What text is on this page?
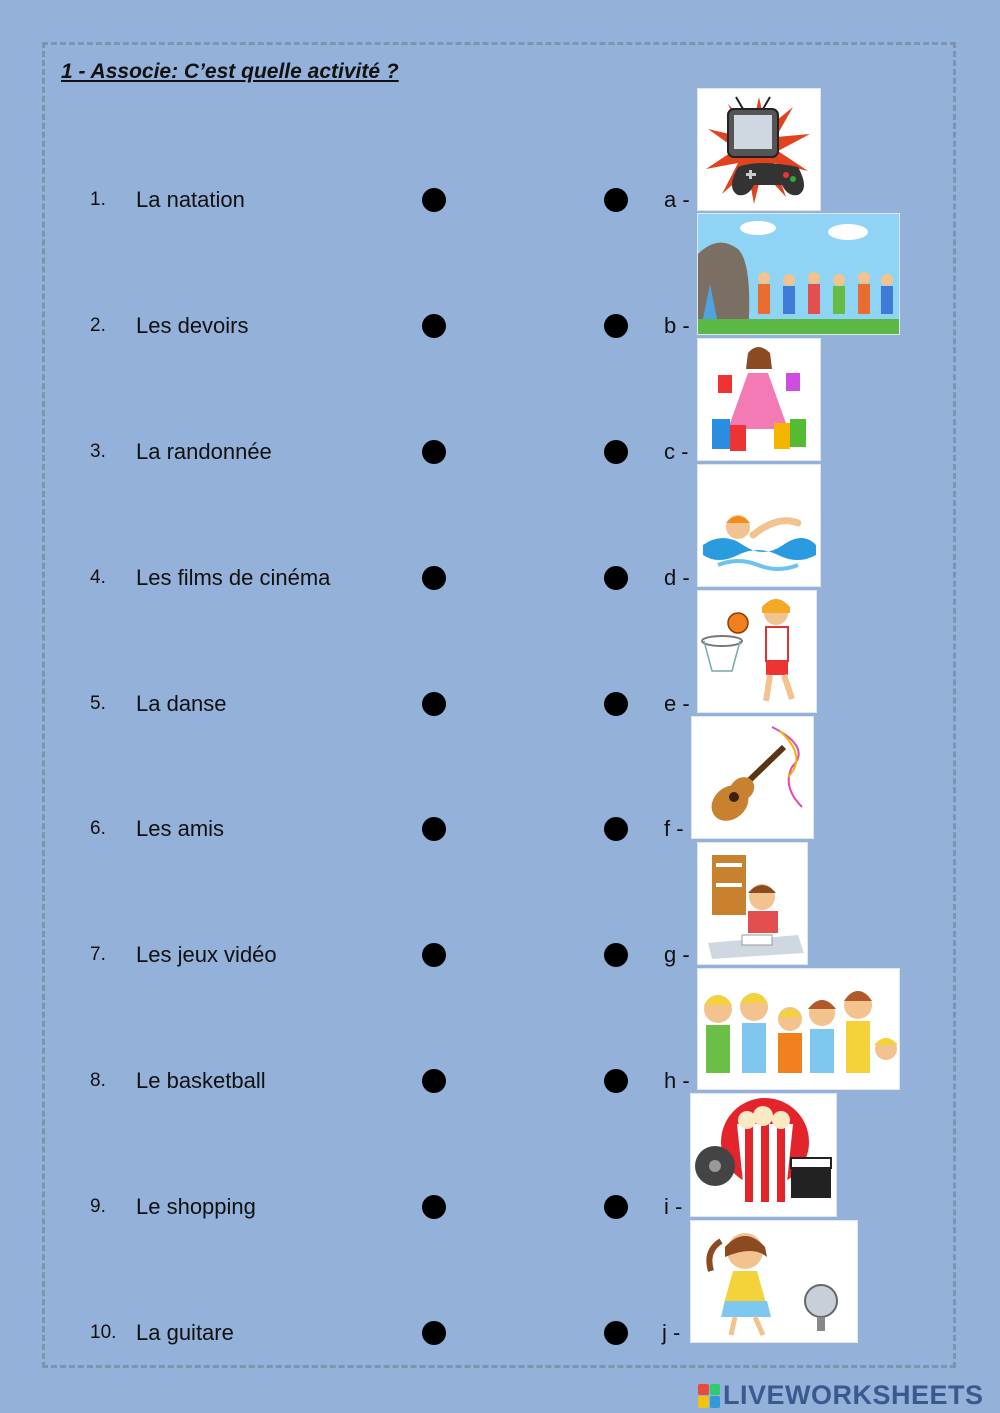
1 - Associe: C’est quelle activité ?
1. La natation	a -
2. Les devoirs	b -
3. La randonnée	c -
4. Les films de cinéma	d -
5. La danse	e -
6. Les amis	f -
7. Les jeux vidéo	g -
8. Le basketball	h -
9. Le shopping	i -
10. La guitare	j -
LIVEWORKSHEETS
